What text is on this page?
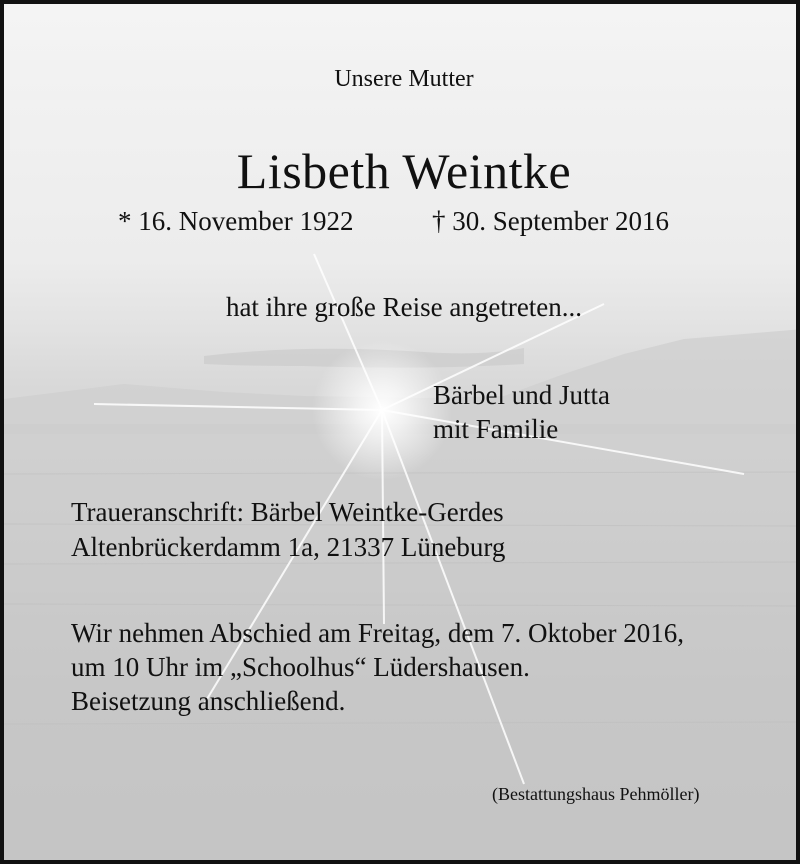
Unsere Mutter
Lisbeth Weintke
* 16. November 1922	† 30. September 2016
hat ihre große Reise angetreten...
Bärbel und Jutta
mit Familie
Traueranschrift: Bärbel Weintke-Gerdes
Altenbrückerdamm 1a, 21337 Lüneburg
Wir nehmen Abschied am Freitag, dem 7. Oktober 2016,
um 10 Uhr im „Schoolhus“ Lüdershausen.
Beisetzung anschließend.
(Bestattungshaus Pehmöller)
